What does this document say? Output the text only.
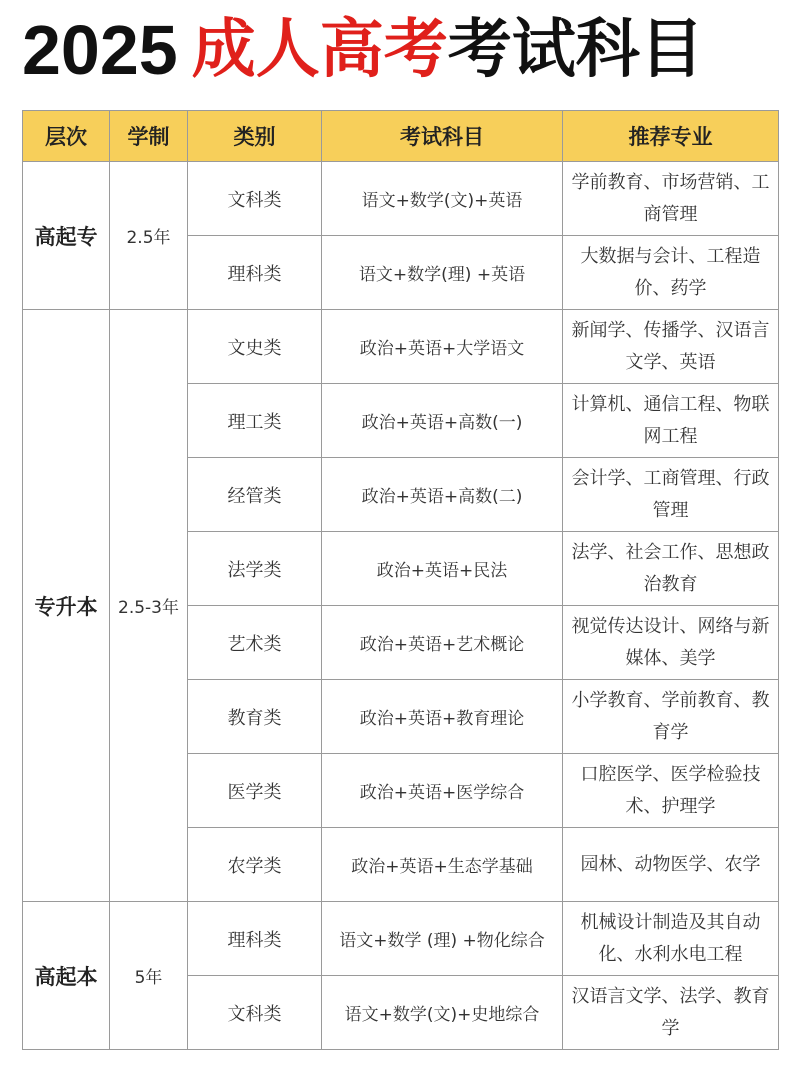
2025 成人高考 考试科目
层次	学制	类别	考试科目	推荐专业
高起专	2.5年	文科类	语文+数学(文)+英语	学前教育、市场营销、工商管理
		理科类	语文+数学(理) +英语	大数据与会计、工程造价、药学
专升本	2.5-3年	文史类	政治+英语+大学语文	新闻学、传播学、汉语言文学、英语
		理工类	政治+英语+高数(一)	计算机、通信工程、物联网工程
		经管类	政治+英语+高数(二)	会计学、工商管理、行政管理
		法学类	政治+英语+民法	法学、社会工作、思想政治教育
		艺术类	政治+英语+艺术概论	视觉传达设计、网络与新媒体、美学
		教育类	政治+英语+教育理论	小学教育、学前教育、教育学
		医学类	政治+英语+医学综合	口腔医学、医学检验技术、护理学
		农学类	政治+英语+生态学基础	园林、动物医学、农学
高起本	5年	理科类	语文+数学 (理) +物化综合	机械设计制造及其自动化、水利水电工程
		文科类	语文+数学(文)+史地综合	汉语言文学、法学、教育学
